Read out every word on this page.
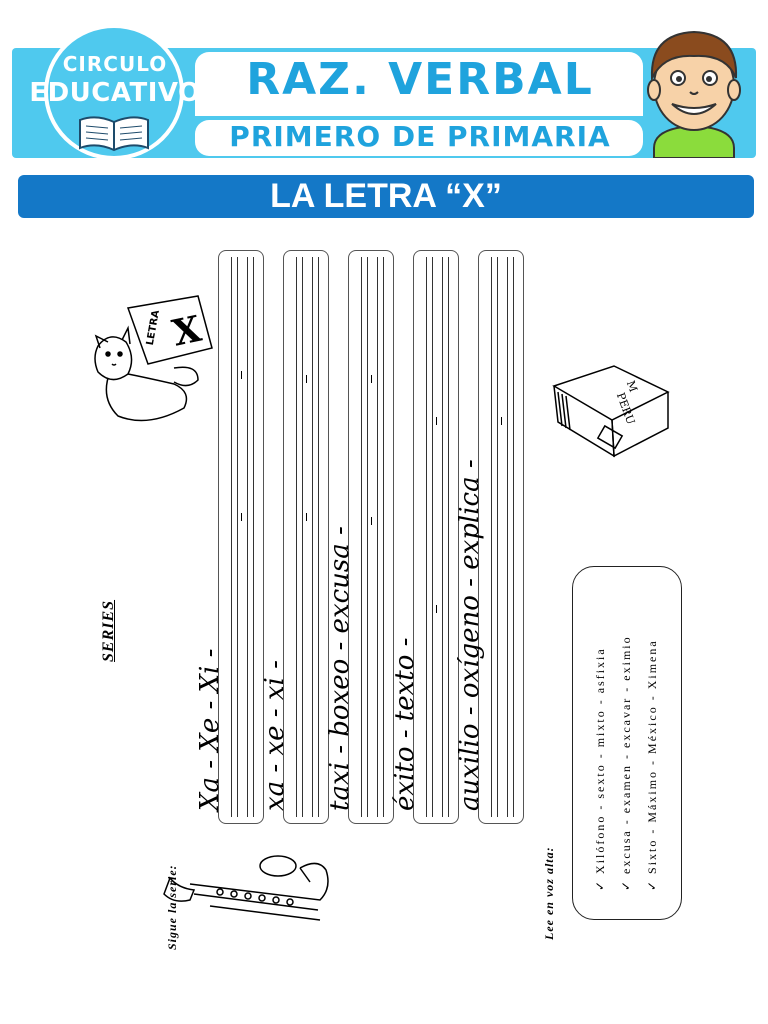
RAZ. VERBAL
PRIMERO DE PRIMARIA
CIRCULO
EDUCATIVO
LA LETRA “X”
X
LETRA
SERIES
Sigue la serie:
Xa - Xe - Xi - xa - xe - xi - taxi - boxeo - excusa - éxito - texto - auxilio - oxígeno - explica -
M
PERU
✓ Xilófono - sexto - mixto - asfixia ✓ excusa - examen - excavar - eximio ✓ Sixto - Máximo - México - Ximena
Lee en voz alta:
